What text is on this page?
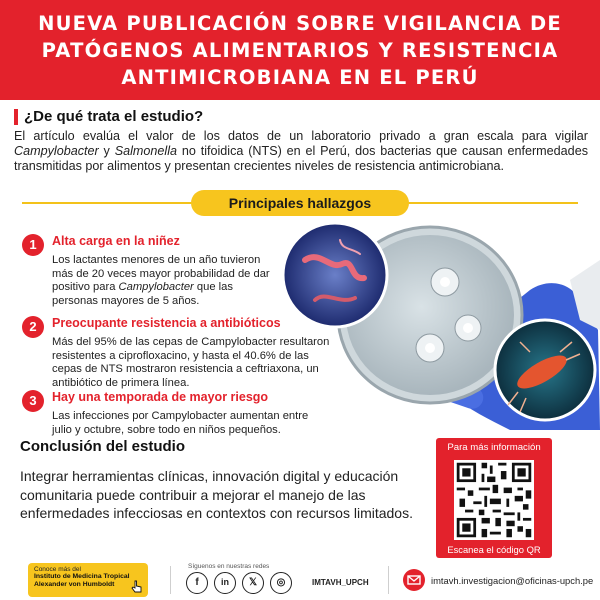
NUEVA PUBLICACIÓN SOBRE VIGILANCIA DE
PATÓGENOS ALIMENTARIOS Y RESISTENCIA
ANTIMICROBIANA EN EL PERÚ
¿De qué trata el estudio?
El artículo evalúa el valor de los datos de un laboratorio privado a gran escala para vigilar Campylobacter y Salmonella no tifoidica (NTS) en el Perú, dos bacterias que causan enfermedades transmitidas por alimentos y presentan crecientes niveles de resistencia antimicrobiana.
Principales hallazgos
1	Alta carga en la niñez
Los lactantes menores de un año tuvieron más de 20 veces mayor probabilidad de dar positivo para Campylobacter que las personas mayores de 5 años.
2	Preocupante resistencia a antibióticos
Más del 95% de las cepas de Campylobacter resultaron resistentes a ciprofloxacino, y hasta el 40.6% de las cepas de NTS mostraron resistencia a ceftriaxona, un antibiótico de primera línea.
3	Hay una temporada de mayor riesgo
Las infecciones por Campylobacter aumentan entre julio y octubre, sobre todo en niños pequeños.
Conclusión del estudio
Integrar herramientas clínicas, innovación digital y educación comunitaria puede contribuir a mejorar el manejo de las enfermedades infecciosas en contextos con recursos limitados.
Para más información
Escanea el código QR
Conoce más del
Instituto de Medicina Tropical Alexander von Humboldt
Síguenos en nuestras redes
f	in	𝕏	◎	IMTAVH_UPCH	imtavh.investigacion@oficinas-upch.pe
